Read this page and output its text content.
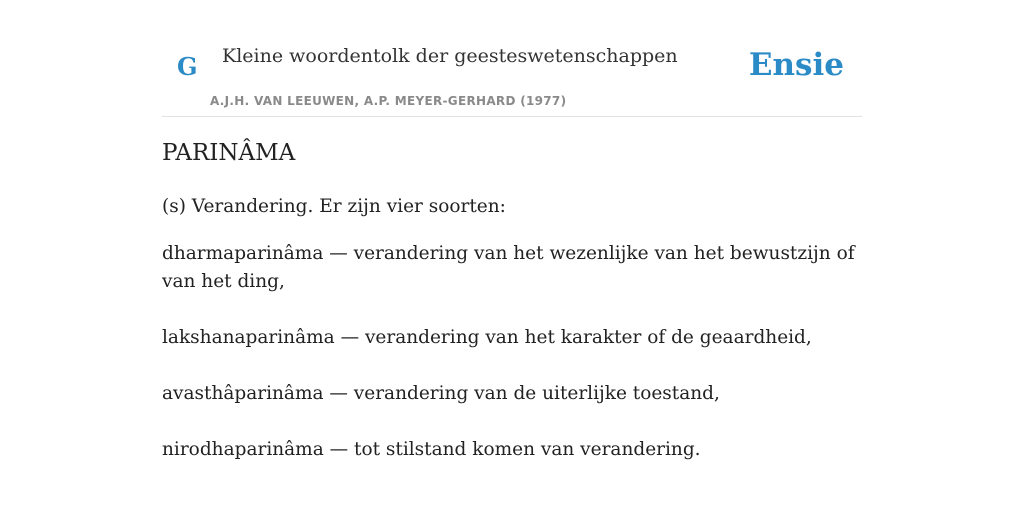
G Kleine woordentolk der geesteswetenschappen
A.J.H. VAN LEEUWEN, A.P. MEYER-GERHARD (1977)
Ensie
PARINÂMA

(s) Verandering. Er zijn vier soorten:

dharmaparinâma — verandering van het wezenlijke van het bewustzijn of van het ding,
lakshanaparinâma — verandering van het karakter of de geaardheid,
avasthâparinâma — verandering van de uiterlijke toestand,
nirodhaparinâma — tot stilstand komen van verandering.
